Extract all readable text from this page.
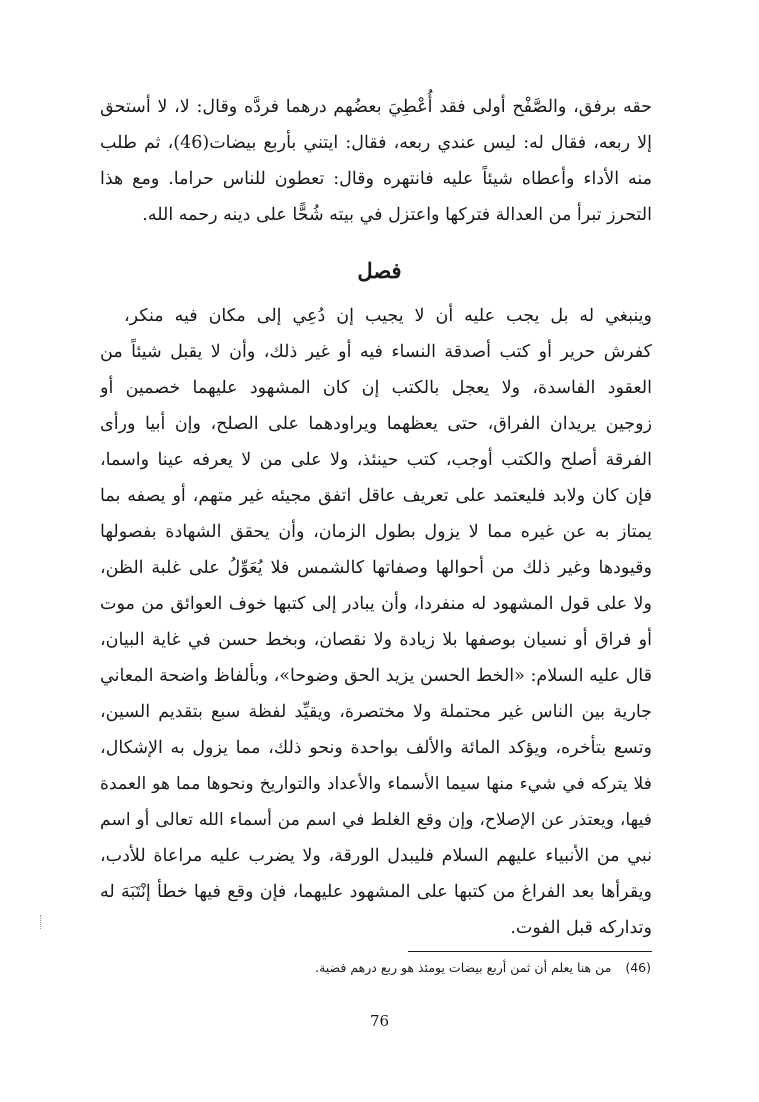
حقه برفق، والصَّفْح أولى فقد أُعْطِيَ بعضُهم درهما فردَّه وقال: لا، لا أستحق
إلا ربعه، فقال له: ليس عندي ربعه، فقال: ايتني بأربع بيضات(46)، ثم طلب
منه الأداء وأعطاه شيئاً عليه فانتهره وقال: تعطون للناس حراما. ومع هذا
التحرز تبرأ من العدالة فتركها واعتزل في بيته شُحًّا على دينه رحمه الله.
فصل
وينبغي له بل يجب عليه أن لا يجيب إن دُعِي إلى مكان فيه منكر،
كفرش حرير أو كتب أصدقة النساء فيه أو غير ذلك، وأن لا يقبل شيئاً من
العقود الفاسدة، ولا يعجل بالكتب إن كان المشهود عليهما خصمين أو
زوجين يريدان الفراق، حتى يعظهما ويراودهما على الصلح، وإن أبيا ورأى
الفرقة أصلح والكتب أوجب، كتب حينئذ، ولا على من لا يعرفه عينا واسما،
فإن كان ولابد فليعتمد على تعريف عاقل اتفق مجيئه غير متهم، أو يصفه بما
يمتاز به عن غيره مما لا يزول بطول الزمان، وأن يحقق الشهادة بفصولها
وقيودها وغير ذلك من أحوالها وصفاتها كالشمس فلا يُعَوِّلُ على غلبة الظن،
ولا على قول المشهود له منفردا، وأن يبادر إلى كتبها خوف العوائق من موت
أو فراق أو نسيان بوصفها بلا زيادة ولا نقصان، وبخط حسن في غاية البيان،
قال عليه السلام: «الخط الحسن يزيد الحق وضوحا»، وبألفاظ واضحة المعاني
جارية بين الناس غير محتملة ولا مختصرة، ويقيِّد لفظة سبع بتقديم السين،
وتسع بتأخره، ويؤكد المائة والألف بواحدة ونحو ذلك، مما يزول به الإشكال،
فلا يتركه في شيء منها سيما الأسماء والأعداد والتواريخ ونحوها مما هو العمدة
فيها، ويعتذر عن الإصلاح، وإن وقع الغلط في اسم من أسماء الله تعالى أو اسم
نبي من الأنبياء عليهم السلام فليبدل الورقة، ولا يضرب عليه مراعاة للأدب،
ويقرأها بعد الفراغ من كتبها على المشهود عليهما، فإن وقع فيها خطأ إنْتَبَهَ له
وتداركه قبل الفوت.
(46)من هنا يعلم أن ثمن أربع بيضات يومئذ هو ربع درهم فضية.
76
